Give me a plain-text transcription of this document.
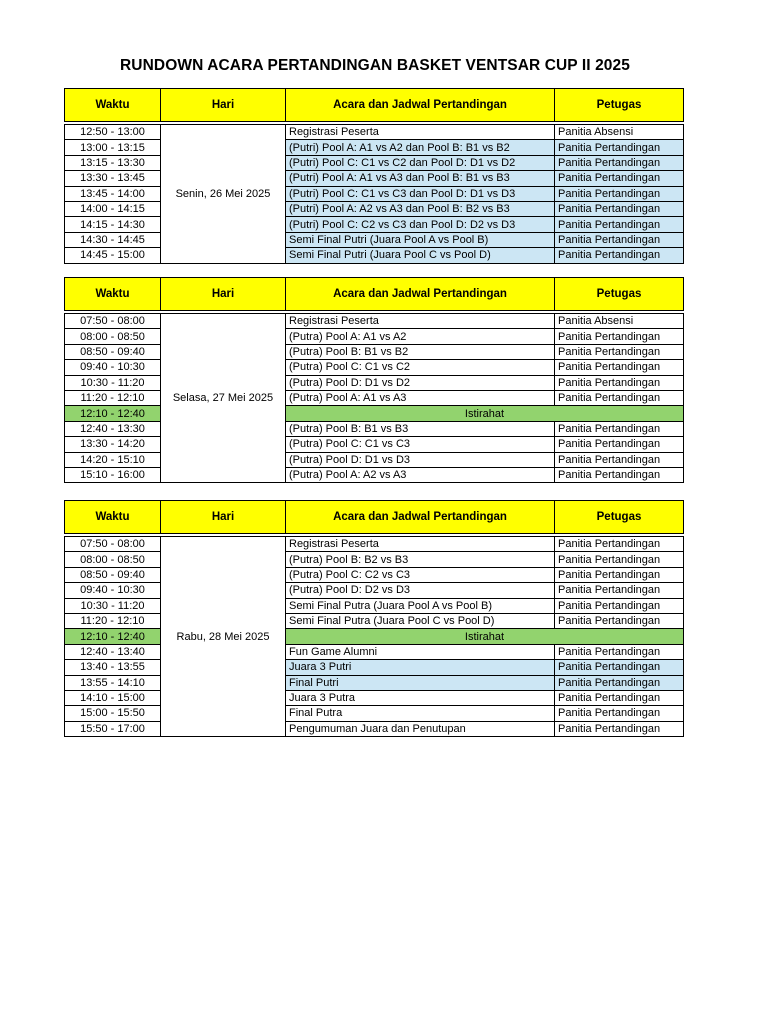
RUNDOWN ACARA PERTANDINGAN BASKET VENTSAR CUP II 2025
Waktu	Hari	Acara dan Jadwal Pertandingan	Petugas

12:50 - 13:00	Senin, 26 Mei 2025	Registrasi Peserta	Panitia Absensi
13:00 - 13:15		(Putri) Pool A: A1 vs A2 dan Pool B: B1 vs B2	Panitia Pertandingan
13:15 - 13:30		(Putri) Pool C: C1 vs C2 dan Pool D: D1 vs D2	Panitia Pertandingan
13:30 - 13:45		(Putri) Pool A: A1 vs A3 dan Pool B: B1 vs B3	Panitia Pertandingan
13:45 - 14:00		(Putri) Pool C: C1 vs C3 dan Pool D: D1 vs D3	Panitia Pertandingan
14:00 - 14:15		(Putri) Pool A: A2 vs A3 dan Pool B: B2 vs B3	Panitia Pertandingan
14:15 - 14:30		(Putri) Pool C: C2 vs C3 dan Pool D: D2 vs D3	Panitia Pertandingan
14:30 - 14:45		Semi Final Putri (Juara Pool A vs Pool B)	Panitia Pertandingan
14:45 - 15:00		Semi Final Putri (Juara Pool C vs Pool D)	Panitia Pertandingan
Waktu	Hari	Acara dan Jadwal Pertandingan	Petugas

07:50 - 08:00	Selasa, 27 Mei 2025	Registrasi Peserta	Panitia Absensi
08:00 - 08:50		(Putra) Pool A: A1 vs A2	Panitia Pertandingan
08:50 - 09:40		(Putra) Pool B: B1 vs B2	Panitia Pertandingan
09:40 - 10:30		(Putra) Pool C: C1 vs C2	Panitia Pertandingan
10:30 - 11:20		(Putra) Pool D: D1 vs D2	Panitia Pertandingan
11:20 - 12:10		(Putra) Pool A: A1 vs A3	Panitia Pertandingan
12:10 - 12:40		Istirahat	
12:40 - 13:30		(Putra) Pool B: B1 vs B3	Panitia Pertandingan
13:30 - 14:20		(Putra) Pool C: C1 vs C3	Panitia Pertandingan
14:20 - 15:10		(Putra) Pool D: D1 vs D3	Panitia Pertandingan
15:10 - 16:00		(Putra) Pool A: A2 vs A3	Panitia Pertandingan
Waktu	Hari	Acara dan Jadwal Pertandingan	Petugas

07:50 - 08:00	Rabu, 28 Mei 2025	Registrasi Peserta	Panitia Pertandingan
08:00 - 08:50		(Putra) Pool B: B2 vs B3	Panitia Pertandingan
08:50 - 09:40		(Putra) Pool C: C2 vs C3	Panitia Pertandingan
09:40 - 10:30		(Putra) Pool D: D2 vs D3	Panitia Pertandingan
10:30 - 11:20		Semi Final Putra (Juara Pool A vs Pool B)	Panitia Pertandingan
11:20 - 12:10		Semi Final Putra (Juara Pool C vs Pool D)	Panitia Pertandingan
12:10 - 12:40		Istirahat	
12:40 - 13:40		Fun Game Alumni	Panitia Pertandingan
13:40 - 13:55		Juara 3 Putri	Panitia Pertandingan
13:55 - 14:10		Final Putri	Panitia Pertandingan
14:10 - 15:00		Juara 3 Putra	Panitia Pertandingan
15:00 - 15:50		Final Putra	Panitia Pertandingan
15:50 - 17:00		Pengumuman Juara dan Penutupan	Panitia Pertandingan
